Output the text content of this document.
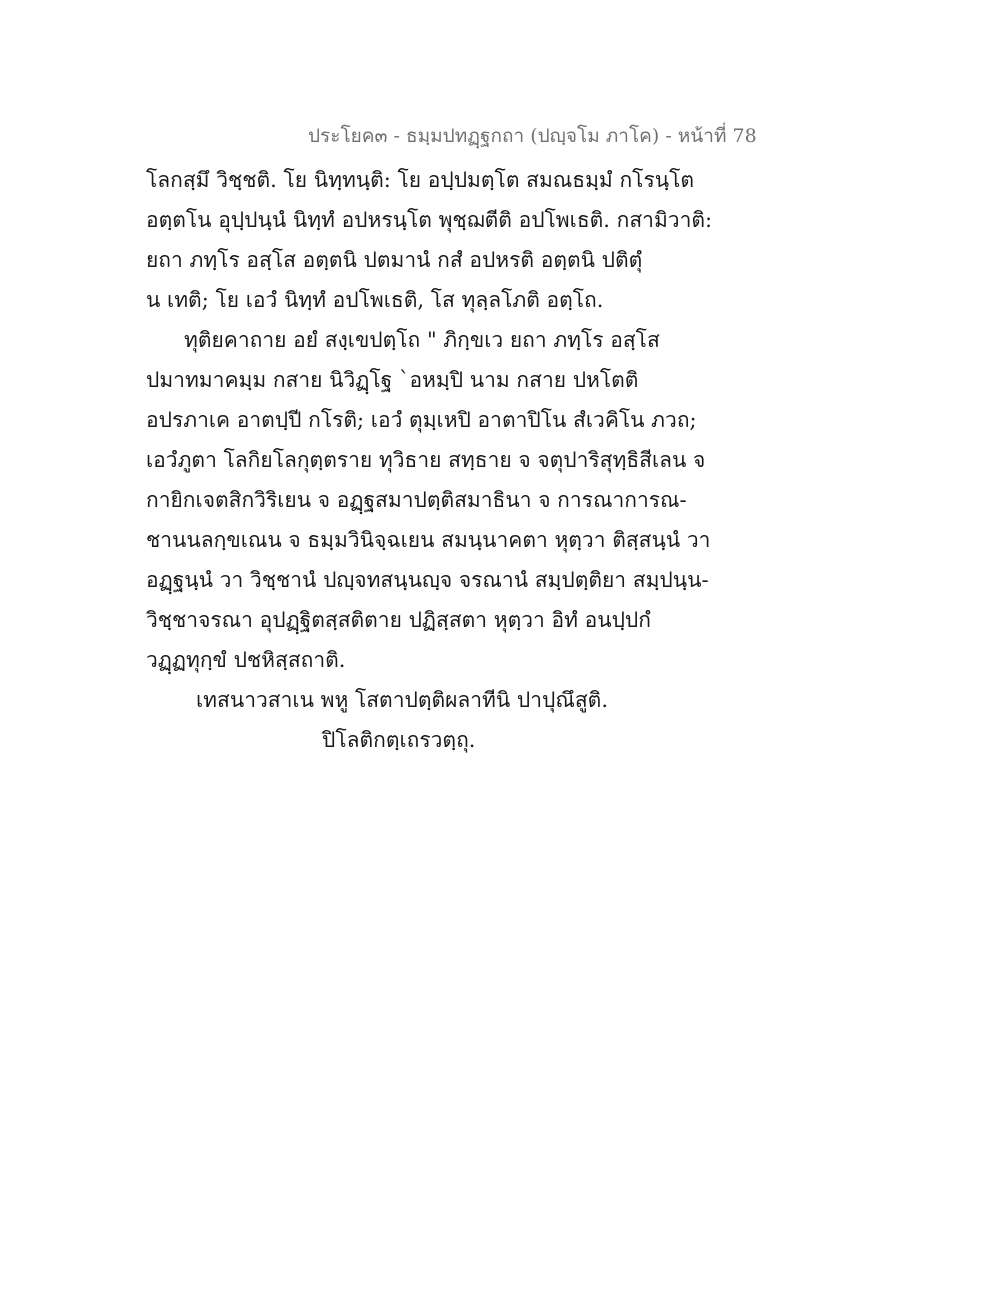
ประโยค๓ - ธมฺมปทฏฺฐกถา (ปญฺจโม ภาโค) - หน้าที่ 78
โลกสฺมึ วิชฺชติ. โย นิทฺทนฺติ: โย อปฺปมตฺโต สมณธมฺมํ กโรนฺโต
อตฺตโน อุปฺปนฺนํ นิทฺทํ อปหรนฺโต พุชฺฌตีติ อปโพเธติ. กสามิวาติ:
ยถา ภทฺโร อสฺโส อตฺตนิ ปตมานํ กสํ อปหรติ อตฺตนิ ปติตุํ
น เทติ; โย เอวํ นิทฺทํ อปโพเธติ, โส ทุลฺลโภติ อตฺโถ.
ทุติยคาถาย อยํ สงฺเขปตฺโถ " ภิกฺขเว ยถา ภทฺโร อสฺโส
ปมาทมาคมฺม กสาย นิวิฏฺโฐ `อหมฺปิ นาม กสาย ปหโตติ
อปรภาเค อาตปฺปี กโรติ; เอวํ ตุมฺเหปิ อาตาปิโน สํเวคิโน ภวถ;
เอวํภูตา โลกิยโลกุตฺตราย ทุวิธาย สทฺธาย จ จตุปาริสุทฺธิสีเลน จ
กายิกเจตสิกวิริเยน จ อฏฺฐสมาปตฺติสมาธินา จ การณาการณ-
ชานนลกฺขเณน จ ธมฺมวินิจฺฉเยน สมนฺนาคตา หุตฺวา ติสฺสนฺนํ วา
อฏฺฐนฺนํ วา วิชฺชานํ ปญฺจทสนฺนญฺจ จรณานํ สมฺปตฺติยา สมฺปนฺน-
วิชฺชาจรณา อุปฏฺฐิตสฺสติตาย ปฏิสฺสตา หุตฺวา อิทํ อนปฺปกํ
วฏฺฏทุกฺขํ ปชหิสฺสถาติ.
เทสนาวสาเน พหู โสตาปตฺติผลาทีนิ ปาปุณึสูติ.
ปิโลติกตฺเถรวตฺถุ.
